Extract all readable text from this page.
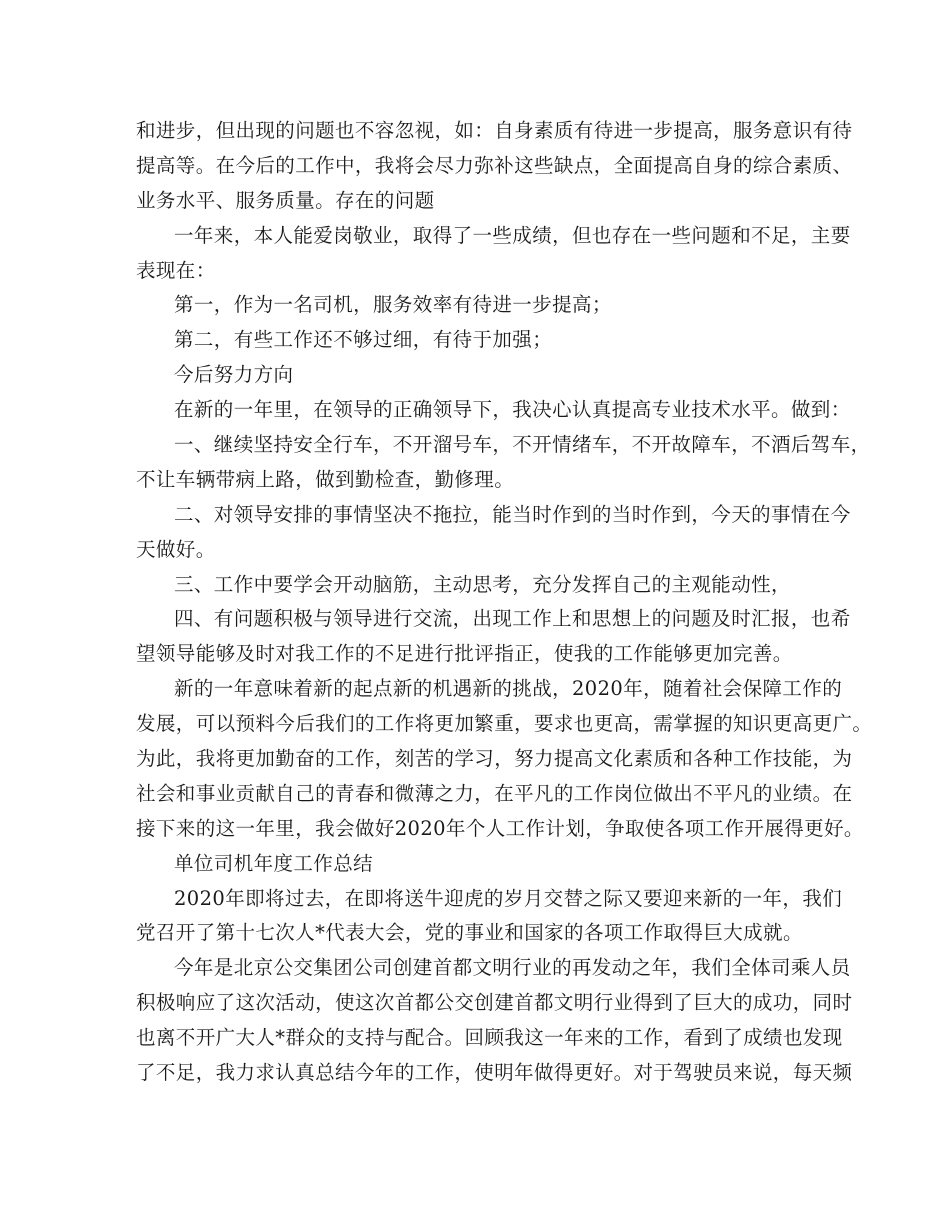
和进步，但出现的问题也不容忽视，如：自身素质有待进一步提高，服务意识有待
提高等。在今后的工作中，我将会尽力弥补这些缺点，全面提高自身的综合素质、
业务水平、服务质量。存在的问题
一年来，本人能爱岗敬业，取得了一些成绩，但也存在一些问题和不足，主要
表现在：
第一，作为一名司机，服务效率有待进一步提高；
第二，有些工作还不够过细，有待于加强；
今后努力方向
在新的一年里，在领导的正确领导下，我决心认真提高专业技术水平。做到：
一、继续坚持安全行车，不开溜号车，不开情绪车，不开故障车，不酒后驾车，
不让车辆带病上路，做到勤检查，勤修理。
二、对领导安排的事情坚决不拖拉，能当时作到的当时作到，今天的事情在今
天做好。
三、工作中要学会开动脑筋，主动思考，充分发挥自己的主观能动性，
四、有问题积极与领导进行交流，出现工作上和思想上的问题及时汇报，也希
望领导能够及时对我工作的不足进行批评指正，使我的工作能够更加完善。
新的一年意味着新的起点新的机遇新的挑战，2020年，随着社会保障工作的
发展，可以预料今后我们的工作将更加繁重，要求也更高，需掌握的知识更高更广。
为此，我将更加勤奋的工作，刻苦的学习，努力提高文化素质和各种工作技能，为
社会和事业贡献自己的青春和微薄之力，在平凡的工作岗位做出不平凡的业绩。在
接下来的这一年里，我会做好2020年个人工作计划，争取使各项工作开展得更好。
单位司机年度工作总结
2020年即将过去，在即将送牛迎虎的岁月交替之际又要迎来新的一年，我们
党召开了第十七次人*代表大会，党的事业和国家的各项工作取得巨大成就。
今年是北京公交集团公司创建首都文明行业的再发动之年，我们全体司乘人员
积极响应了这次活动，使这次首都公交创建首都文明行业得到了巨大的成功，同时
也离不开广大人*群众的支持与配合。回顾我这一年来的工作，看到了成绩也发现
了不足，我力求认真总结今年的工作，使明年做得更好。对于驾驶员来说，每天频
